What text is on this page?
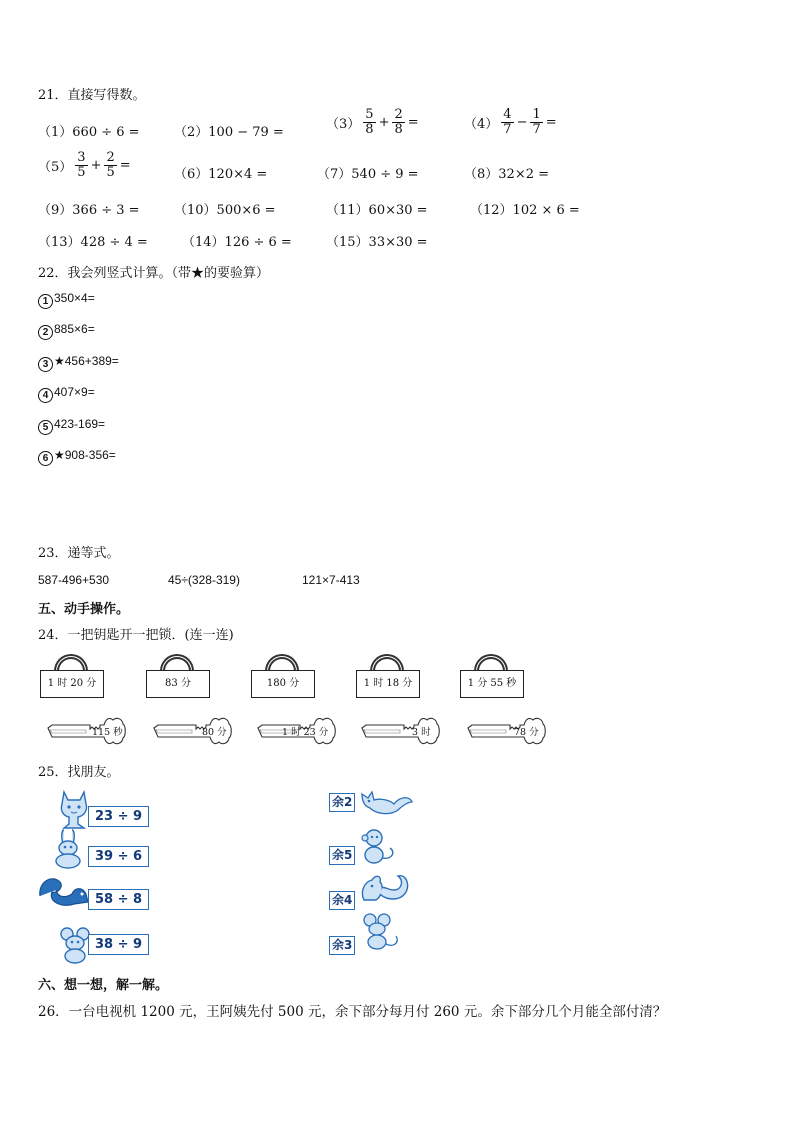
21．直接写得数。
（1）660 ÷ 6 =	（2）100 − 79 =
$(3) \frac{5}{8} + \frac{2}{8}$ =	$(4) \frac{4}{7} - \frac{1}{7}$ =
$(5) \frac{3}{5} + \frac{2}{5}$ =
（6）120×4 =	（7）540 ÷ 9 =	（8）32×2 =
（9）366 ÷ 3 =	（10）500×6 =	（11）60×30 =	（12）102 × 6 =
（13）428 ÷ 4 =	（14）126 ÷ 6 =	（15）33×30 =
22．我会列竖式计算。（带★的要验算）
1 350×4=
2 885×6=
3 ★456+389=
4 407×9=
5 423-169=
6 ★908-356=
23．递等式。
587-496+530	45÷(328-319)	121×7-413
五、动手操作。
24．一把钥匙开一把锁．(连一连)
1 时 20 分	83 分	180 分	1 时 18 分	1 分 55 秒
115 秒	80 分	1 时 23 分	3 时	78 分
25．找朋友。
23 ÷ 9
39 ÷ 6
58 ÷ 8
38 ÷ 9
余2
余5
余4
余3
六、想一想，解一解。
26．一台电视机 1200 元，王阿姨先付 500 元，余下部分每月付 260 元。余下部分几个月能全部付清？
